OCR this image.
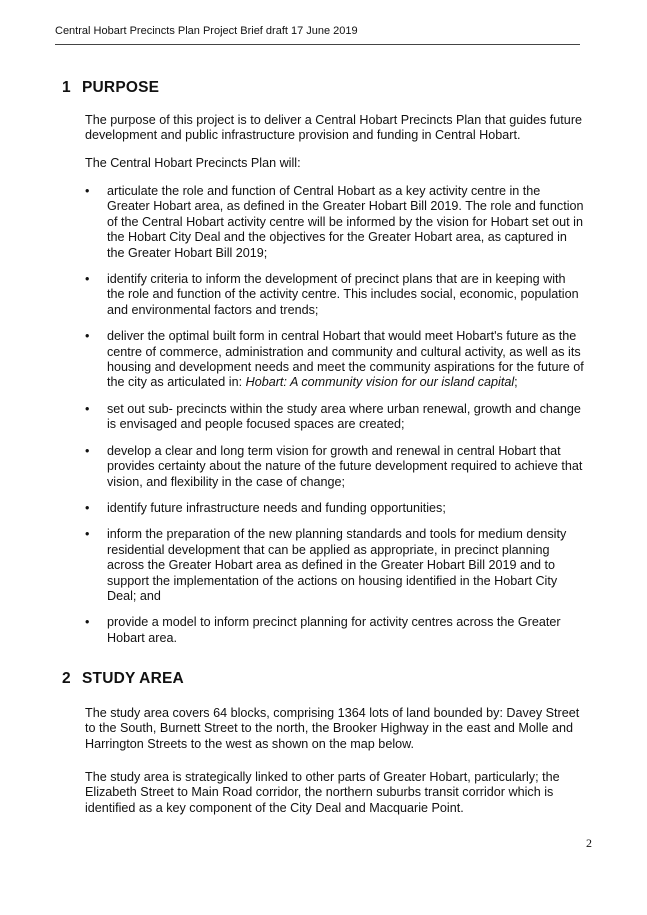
Central Hobart Precincts Plan Project Brief draft 17 June 2019
1 PURPOSE

The purpose of this project is to deliver a Central Hobart Precincts Plan that guides future development and public infrastructure provision and funding in Central Hobart.

The Central Hobart Precincts Plan will:

• articulate the role and function of Central Hobart as a key activity centre in the Greater Hobart area, as defined in the Greater Hobart Bill 2019. The role and function of the Central Hobart activity centre will be informed by the vision for Hobart set out in the Hobart City Deal and the objectives for the Greater Hobart area, as captured in the Greater Hobart Bill 2019;
• identify criteria to inform the development of precinct plans that are in keeping with the role and function of the activity centre. This includes social, economic, population and environmental factors and trends;
• deliver the optimal built form in central Hobart that would meet Hobart's future as the centre of commerce, administration and community and cultural activity, as well as its housing and development needs and meet the community aspirations for the future of the city as articulated in: Hobart: A community vision for our island capital;
• set out sub- precincts within the study area where urban renewal, growth and change is envisaged and people focused spaces are created;
• develop a clear and long term vision for growth and renewal in central Hobart that provides certainty about the nature of the future development required to achieve that vision, and flexibility in the case of change;
• identify future infrastructure needs and funding opportunities;
• inform the preparation of the new planning standards and tools for medium density residential development that can be applied as appropriate, in precinct planning across the Greater Hobart area as defined in the Greater Hobart Bill 2019 and to support the implementation of the actions on housing identified in the Hobart City Deal; and
• provide a model to inform precinct planning for activity centres across the Greater Hobart area.
2 STUDY AREA

The study area covers 64 blocks, comprising 1364 lots of land bounded by: Davey Street to the South, Burnett Street to the north, the Brooker Highway in the east and Molle and Harrington Streets to the west as shown on the map below.

The study area is strategically linked to other parts of Greater Hobart, particularly; the Elizabeth Street to Main Road corridor, the northern suburbs transit corridor which is identified as a key component of the City Deal and Macquarie Point.

2
